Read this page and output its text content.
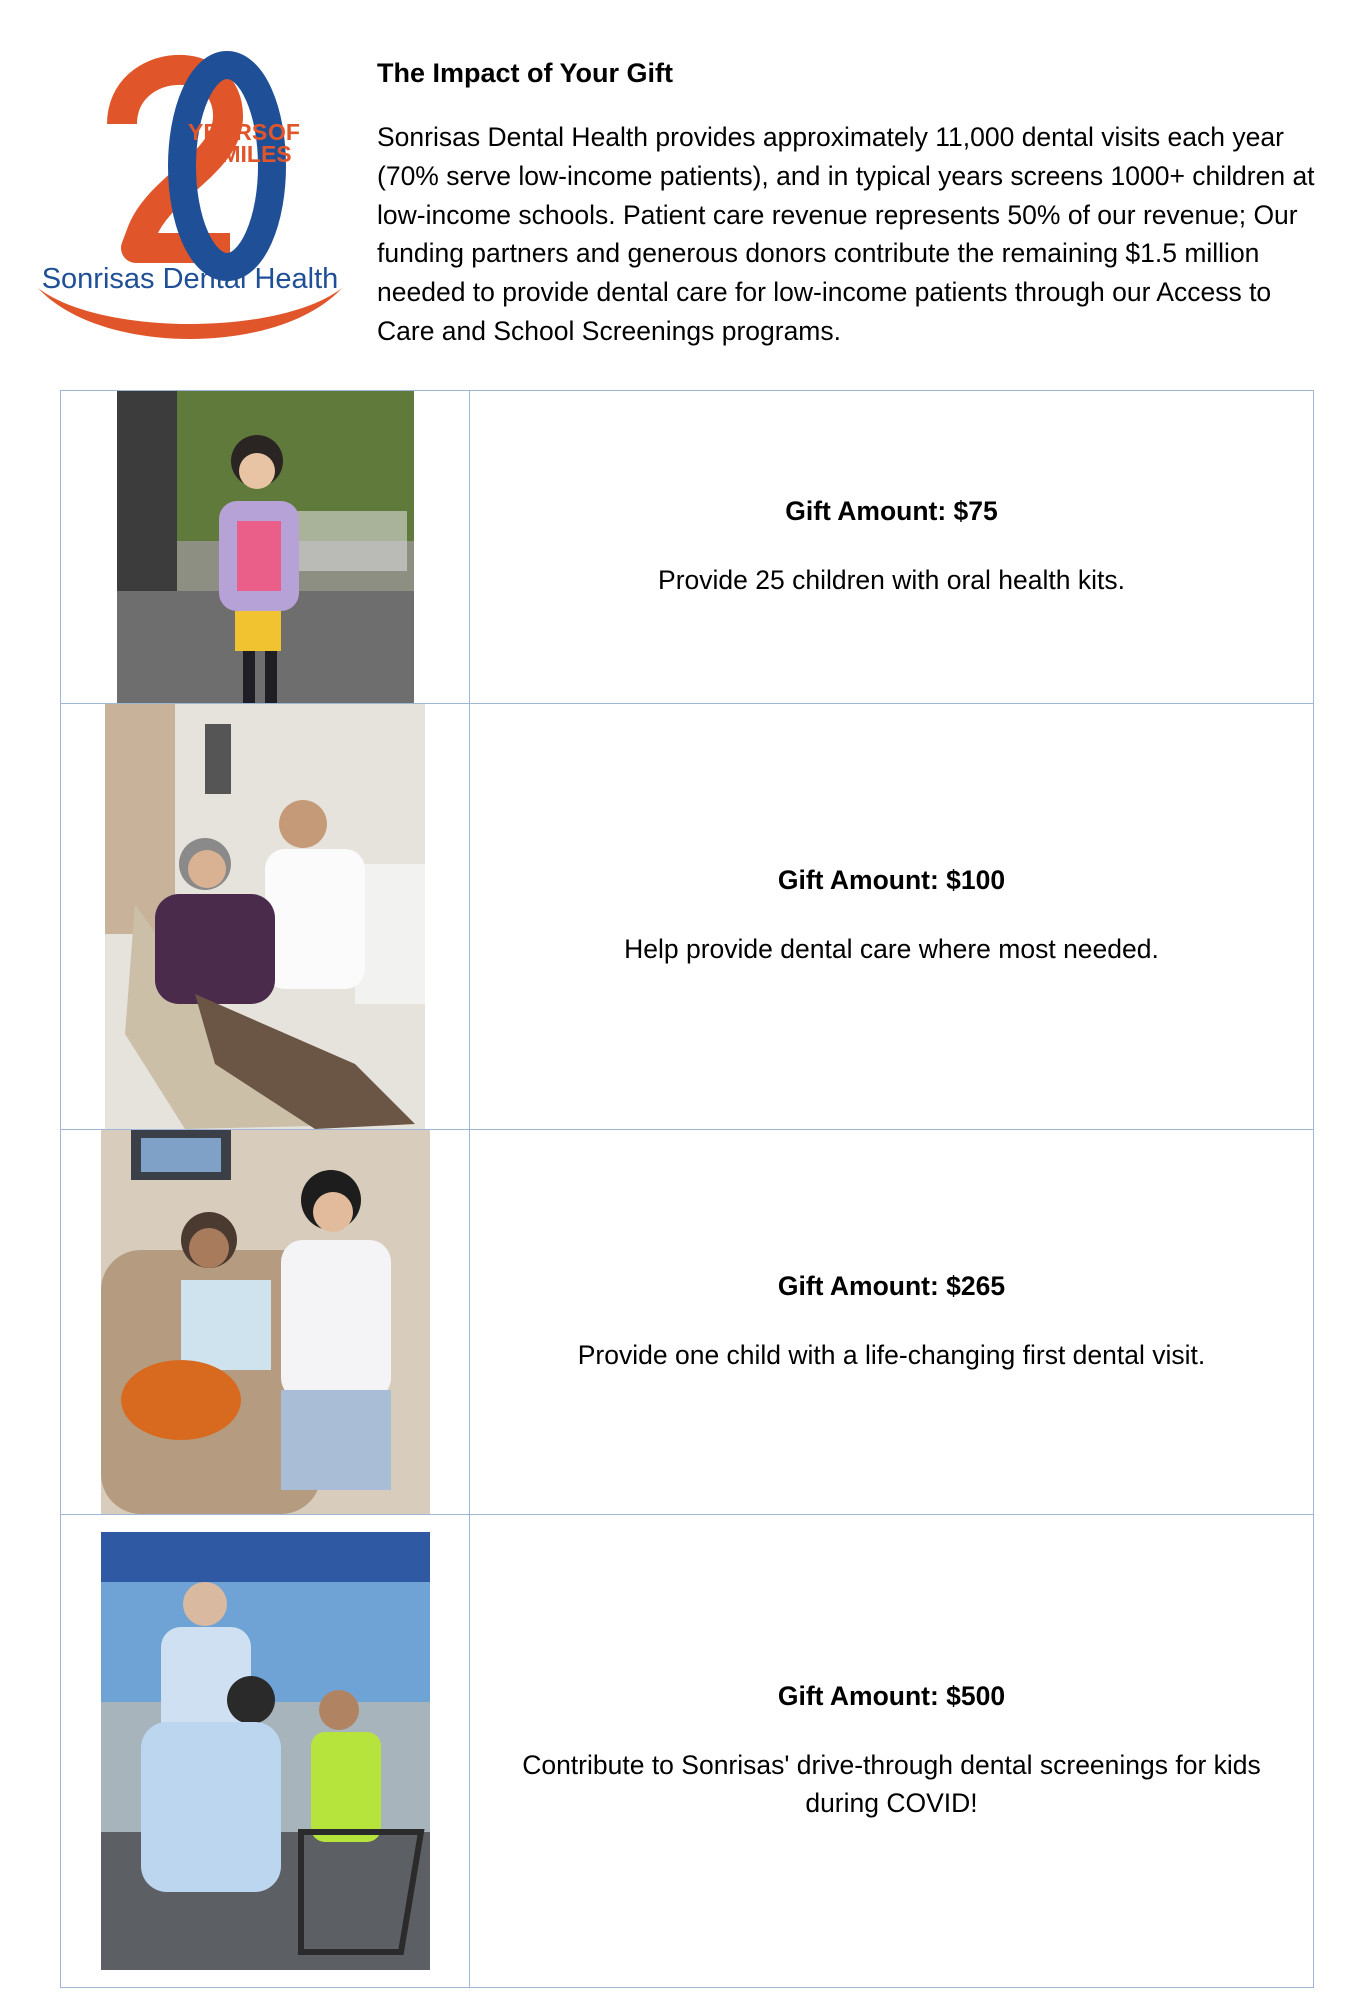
YEARS OF
SMILES
Sonrisas Dental Health

The Impact of Your Gift

Sonrisas Dental Health provides approximately 11,000 dental visits each year (70% serve low-income patients), and in typical years screens 1000+ children at low-income schools. Patient care revenue represents 50% of our revenue; Our funding partners and generous donors contribute the remaining $1.5 million needed to provide dental care for low-income patients through our Access to Care and School Screenings programs.

Gift Amount: $75

Provide 25 children with oral health kits.

Gift Amount: $100

Help provide dental care where most needed.

Gift Amount: $265

Provide one child with a life-changing first dental visit.

Gift Amount: $500

Contribute to Sonrisas' drive-through dental screenings for kids during COVID!
